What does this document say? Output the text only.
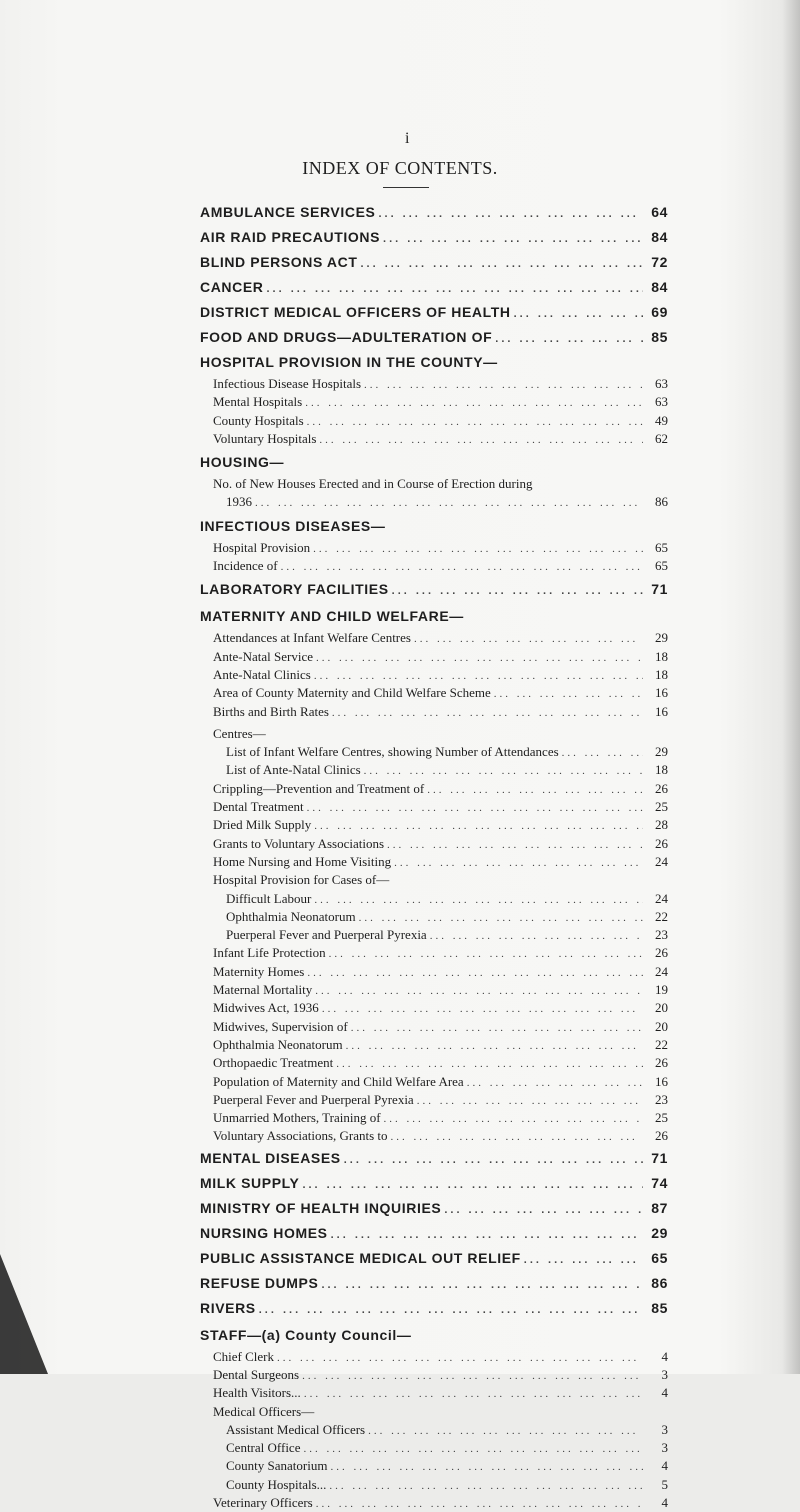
i
INDEX OF CONTENTS.
AMBULANCE SERVICES ... .	64
AIR RAID PRECAUTIONS ... .	84
BLIND PERSONS ACT ... .	72
CANCER ... .	84
DISTRICT MEDICAL OFFICERS OF HEALTH ... .	69
FOOD AND DRUGS—ADULTERATION OF ... .	85
HOSPITAL PROVISION IN THE COUNTY—
Infectious Disease Hospitals ... .	63
Mental Hospitals ... .	63
County Hospitals ... .	49
Voluntary Hospitals ... .	62
HOUSING—
No. of New Houses Erected and in Course of Erection during
1936 ... .	86
INFECTIOUS DISEASES—
Hospital Provision ... .	65
Incidence of ... .	65
LABORATORY FACILITIES ... .	71
MATERNITY AND CHILD WELFARE—
Attendances at Infant Welfare Centres ... .	29
Ante-Natal Service ... .	18
Ante-Natal Clinics ... .	18
Area of County Maternity and Child Welfare Scheme ... .	16
Births and Birth Rates ... .	16
Centres—
List of Infant Welfare Centres, showing Number of Attendances ... .	29
List of Ante-Natal Clinics ... .	18
Crippling—Prevention and Treatment of ... .	26
Dental Treatment ... .	25
Dried Milk Supply ... .	28
Grants to Voluntary Associations ... .	26
Home Nursing and Home Visiting ... .	24
Hospital Provision for Cases of—
Difficult Labour ... .	24
Ophthalmia Neonatorum ... .	22
Puerperal Fever and Puerperal Pyrexia ... .	23
Infant Life Protection ... .	26
Maternity Homes ... .	24
Maternal Mortality ... .	19
Midwives Act, 1936 ... .	20
Midwives, Supervision of ... .	20
Ophthalmia Neonatorum ... .	22
Orthopaedic Treatment ... .	26
Population of Maternity and Child Welfare Area ... .	16
Puerperal Fever and Puerperal Pyrexia ... .	23
Unmarried Mothers, Training of ... .	25
Voluntary Associations, Grants to ... .	26
MENTAL DISEASES ... .	71
MILK SUPPLY ... .	74
MINISTRY OF HEALTH INQUIRIES ... .	87
NURSING HOMES ... .	29
PUBLIC ASSISTANCE MEDICAL OUT RELIEF ... .	65
REFUSE DUMPS ... .	86
RIVERS ... .	85
STAFF—(a) County Council—
Chief Clerk ... .	4
Dental Surgeons ... .	3
Health Visitors... ... .	4
Medical Officers—
Assistant Medical Officers ... .	3
Central Office ... .	3
County Sanatorium ... .	4
County Hospitals... ... .	5
Veterinary Officers ... .	4
